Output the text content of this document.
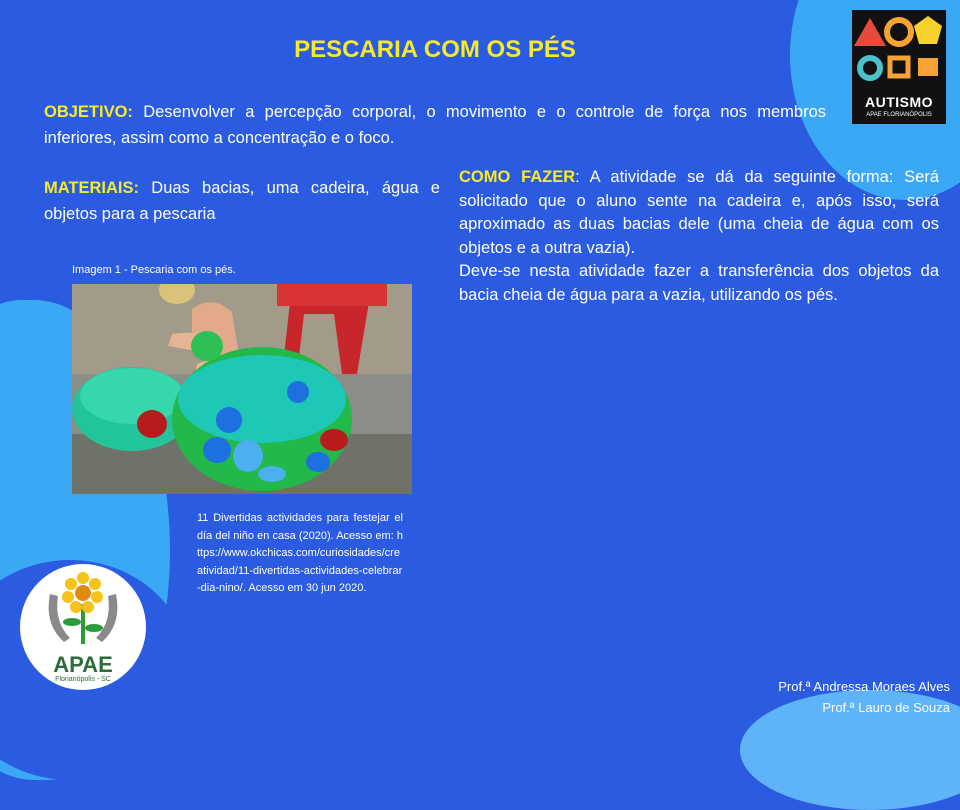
PESCARIA COM OS PÉS

OBJETIVO: Desenvolver a percepção corporal, o movimento e o controle de força nos membros inferiores, assim como a concentração e o foco.

MATERIAIS: Duas bacias, uma cadeira, água e objetos para a pescaria

COMO FAZER: A atividade se dá da seguinte forma: Será solicitado que o aluno sente na cadeira e, após isso, será aproximado as duas bacias dele (uma cheia de água com os objetos e a outra vazia).
Deve-se nesta atividade fazer a transferência dos objetos da bacia cheia de água para a vazia, utilizando os pés.

Imagem 1 - Pescaria com os pés.

11 Divertidas actividades para festejar el día del niño en casa (2020). Acesso em: https://www.okchicas.com/curiosidades/creatividad/11-divertidas-actividades-celebrar-dia-nino/. Acesso em 30 jun 2020.

AUTISMO
APAE FLORIANÓPOLIS
APAE
Florianópolis - SC	Prof.ª Andressa Moraes Alves
Prof.ª Lauro de Souza
